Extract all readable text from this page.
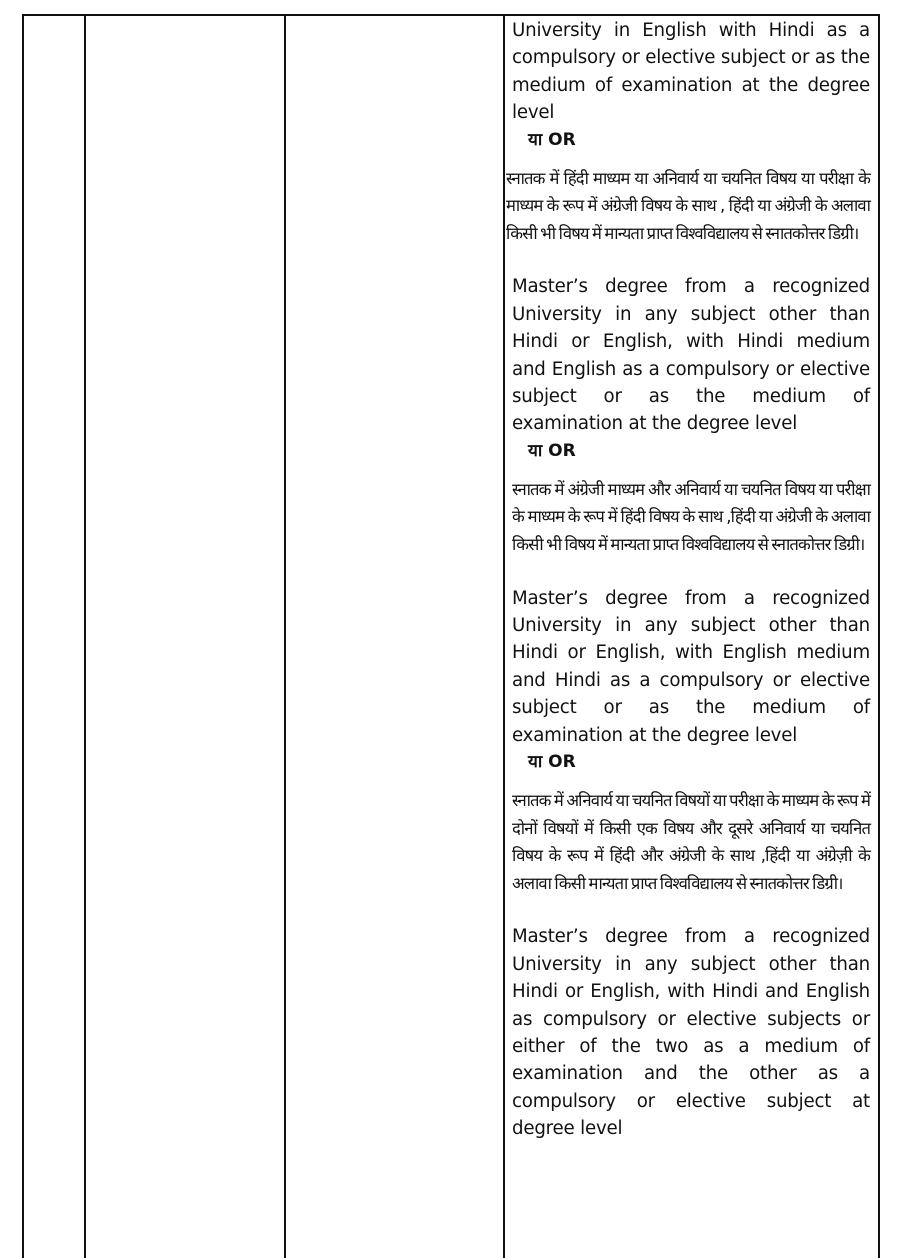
University in English with Hindi as a compulsory or elective subject or as the medium of examination at the degree level

या OR

स्नातक में हिंदी माध्यम या अनिवार्य या चयनित विषय या परीक्षा के माध्यम के रूप में अंग्रेजी विषय के साथ , हिंदी या अंग्रेजी के अलावा किसी भी विषय में मान्यता प्राप्त विश्वविद्यालय से स्नातकोत्तर डिग्री।

Master’s degree from a recognized University in any subject other than Hindi or English, with Hindi medium and English as a compulsory or elective subject or as the medium of examination at the degree level

या OR

स्नातक में अंग्रेजी माध्यम और अनिवार्य या चयनित विषय या परीक्षा के माध्यम के रूप में हिंदी विषय के साथ ,हिंदी या अंग्रेजी के अलावा किसी भी विषय में मान्यता प्राप्त विश्वविद्यालय से स्नातकोत्तर डिग्री।

Master’s degree from a recognized University in any subject other than Hindi or English, with English medium and Hindi as a compulsory or elective subject or as the medium of examination at the degree level

या OR

स्नातक में अनिवार्य या चयनित विषयों या परीक्षा के माध्यम के रूप में दोनों विषयों में किसी एक विषय और दूसरे अनिवार्य या चयनित विषय के रूप में हिंदी और अंग्रेजी के साथ ,हिंदी या अंग्रेज़ी के अलावा किसी मान्यता प्राप्त विश्वविद्यालय से स्नातकोत्तर डिग्री।

Master’s degree from a recognized University in any subject other than Hindi or English, with Hindi and English as compulsory or elective subjects or either of the two as a medium of examination and the other as a compulsory or elective subject at degree level
